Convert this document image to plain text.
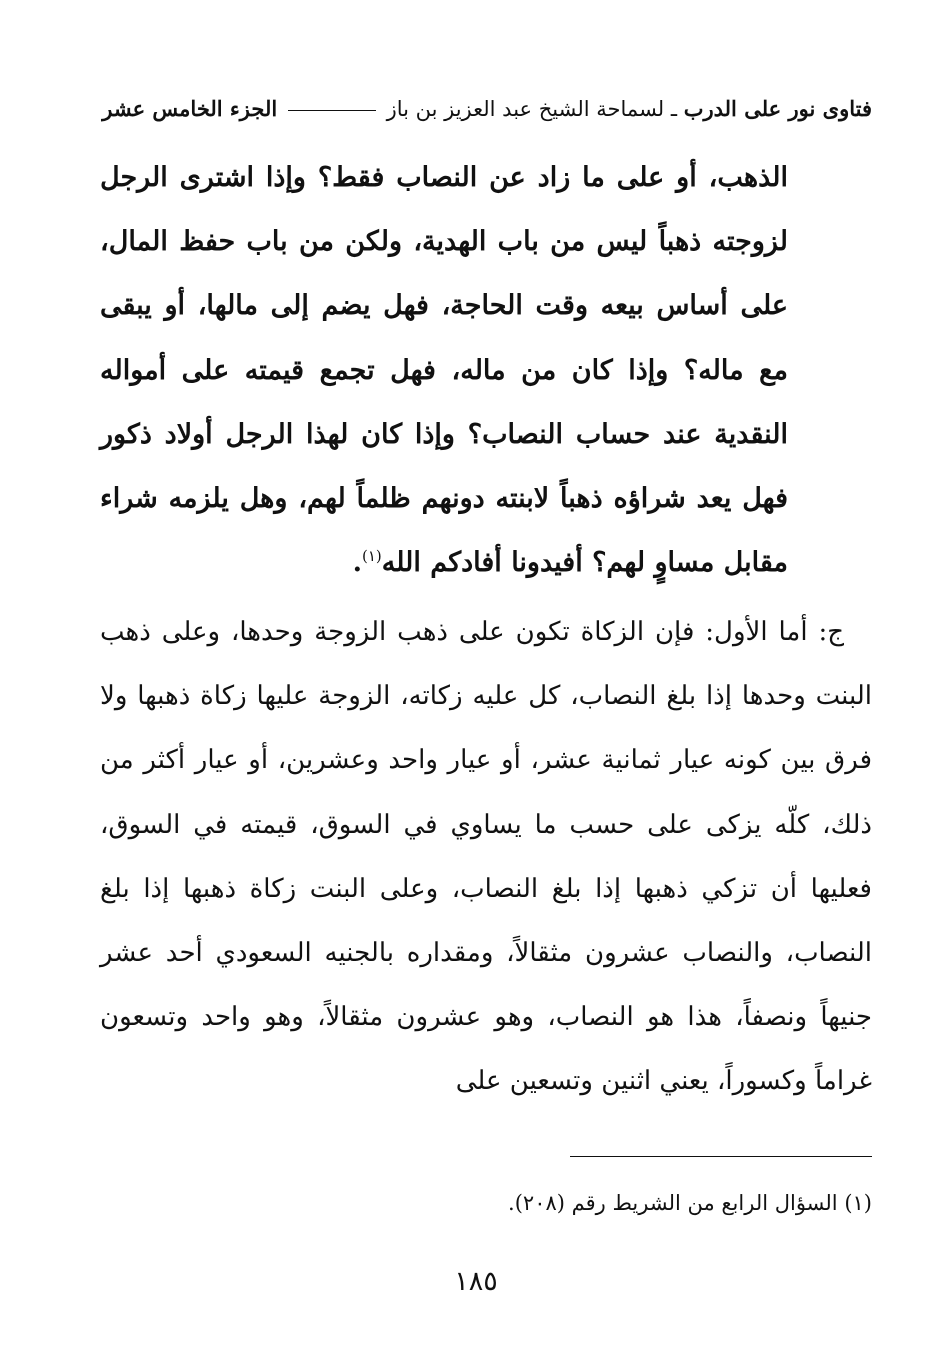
فتاوى نور على الدرب ـ لسماحة الشيخ عبد العزيز بن باز  الجزء الخامس عشر
الذهب، أو على ما زاد عن النصاب فقط؟ وإذا اشترى الرجل لزوجته ذهباً ليس من باب الهدية، ولكن من باب حفظ المال، على أساس بيعه وقت الحاجة، فهل يضم إلى مالها، أو يبقى مع ماله؟ وإذا كان من ماله، فهل تجمع قيمته على أمواله النقدية عند حساب النصاب؟ وإذا كان لهذا الرجل أولاد ذكور فهل يعد شراؤه ذهباً لابنته دونهم ظلماً لهم، وهل يلزمه شراء مقابل مساوٍ لهم؟ أفيدونا أفادكم الله$^{(١)}$.
ج: أما الأول: فإن الزكاة تكون على ذهب الزوجة وحدها، وعلى ذهب البنت وحدها إذا بلغ النصاب، كل عليه زكاته، الزوجة عليها زكاة ذهبها ولا فرق بين كونه عيار ثمانية عشر، أو عيار واحد وعشرين، أو عيار أكثر من ذلك، كلّه يزكى على حسب ما يساوي في السوق، قيمته في السوق، فعليها أن تزكي ذهبها إذا بلغ النصاب، وعلى البنت زكاة ذهبها إذا بلغ النصاب، والنصاب عشرون مثقالاً، ومقداره بالجنيه السعودي أحد عشر جنيهاً ونصفاً، هذا هو النصاب، وهو عشرون مثقالاً، وهو واحد وتسعون غراماً وكسوراً، يعني اثنين وتسعين على
(١) السؤال الرابع من الشريط رقم (٢٠٨).
١٨٥
